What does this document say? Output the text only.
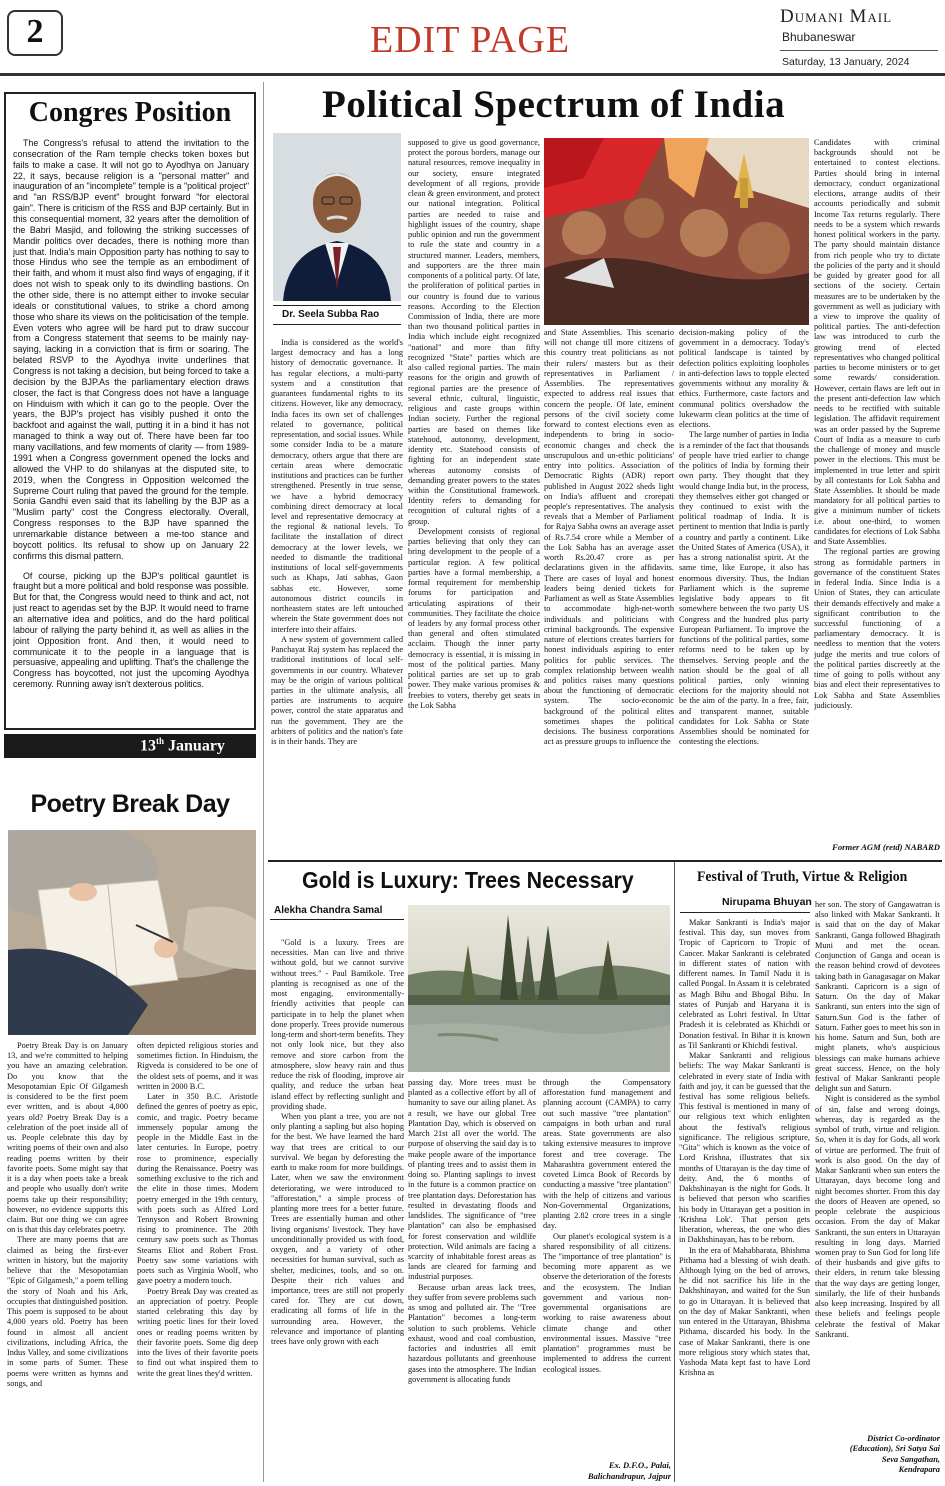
2	EDIT PAGE
Dumani Mail
Bhubaneswar
Saturday, 13 January, 2024
Congres Position

The Congress's refusal to attend the invitation to the consecration of the Ram temple checks token boxes but fails to make a case. It will not go to Ayodhya on January 22, it says, because religion is a "personal matter" and inauguration of an "incomplete" temple is a "political project" and "an RSS/BJP event" brought forward "for electoral gain". There is criticism of the RSS and BJP certainly. But in this consequential moment, 32 years after the demolition of the Babri Masjid, and following the striking successes of Mandir politics over decades, there is nothing more than just that. India's main Opposition party has nothing to say to those Hindus who see the temple as an embodiment of their faith, and whom it must also find ways of engaging, if it does not wish to speak only to its dwindling bastions. On the other side, there is no attempt either to invoke secular ideals or constitutional values, to strike a chord among those who share its views on the politicisation of the temple. Even voters who agree will be hard put to draw succour from a Congress statement that seems to be mainly nay-saying, lacking in a conviction that is firm or soaring. The belated RSVP to the Ayodhya invite underlines that Congress is not taking a decision, but being forced to take a decision by the BJP.As the parliamentary election draws closer, the fact is that Congress does not have a language on Hinduism with which it can go to the people. Over the years, the BJP's project has visibly pushed it onto the backfoot and against the wall, putting it in a bind it has not managed to think a way out of. There have been far too many vacillations, and few moments of clarity — from 1989-1991 when a Congress government opened the locks and allowed the VHP to do shilanyas at the disputed site, to 2019, when the Congress in Opposition welcomed the Supreme Court ruling that paved the ground for the temple. Sonia Gandhi even said that its labelling by the BJP as a "Muslim party" cost the Congress electorally. Overall, Congress responses to the BJP have spanned the unremarkable distance between a me-too stance and boycott politics. Its refusal to show up on January 22 confirms this dismal pattern.

Of course, picking up the BJP's political gauntlet is fraught but a more political and bold response was possible. But for that, the Congress would need to think and act, not just react to agendas set by the BJP. It would need to frame an alternative idea and politics, and do the hard political labour of rallying the party behind it, as well as allies in the joint Opposition front. And then, it would need to communicate it to the people in a language that is persuasive, appealing and uplifting. That's the challenge the Congress has boycotted, not just the upcoming Ayodhya ceremony. Running away isn't dexterous politics.

13th January
Poetry Break Day

Poetry Break Day is on January 13, and we're committed to helping you have an amazing celebration. Do you know that the Mesopotamian Epic Of Gilgamesh is considered to be the first poem ever written, and is about 4,000 years old? Poetry Break Day is a celebration of the poet inside all of us. People celebrate this day by writing poems of their own and also reading poems written by their favorite poets. Some might say that it is a day when poets take a break and people who usually don't write poems take up their responsibility; however, no evidence supports this claim. But one thing we can agree on is that this day celebrates poetry.

There are many poems that are claimed as being the first-ever written in history, but the majority believe that the Mesopotamian "Epic of Gilgamesh," a poem telling the story of Noah and his Ark, occupies that distinguished position. This poem is supposed to be about 4,000 years old. Poetry has been found in almost all ancient civilizations, including Africa, the Indus Valley, and some civilizations in some parts of Sumer. These poems were written as hymns and songs, and

often depicted religious stories and sometimes fiction. In Hinduism, the Rigveda is considered to be one of the oldest sets of poems, and it was written in 2000 B.C.

Later in 350 B.C. Aristotle defined the genres of poetry as epic, comic, and tragic. Poetry became immensely popular among the people in the Middle East in the later centuries. In Europe, poetry rose to prominence, especially during the Renaissance. Poetry was something exclusive to the rich and the elite in those times. Modern poetry emerged in the 19th century, with poets such as Alfred Lord Tennyson and Robert Browning rising to prominence. The 20th century saw poets such as Thomas Stearns Eliot and Robert Frost. Poetry saw some variations with poets such as Virginia Woolf, who gave poetry a modern touch.

Poetry Break Day was created as an appreciation of poetry. People started celebrating this day by writing poetic lines for their loved ones or reading poems written by their favorite poets. Some dig deep into the lives of their favorite poets to find out what inspired them to write the great lines they'd written.

Political Spectrum of India
Dr. Seela Subba Rao

India is considered as the world's largest democracy and has a long history of democratic governance. It has regular elections, a multi-party system and a constitution that guarantees fundamental rights to its citizens. However, like any democracy, India faces its own set of challenges related to governance, political representation, and social issues. While some consider India to be a mature democracy, others argue that there are certain areas where democratic institutions and practices can be further strengthened. Presently in true sense, we have a hybrid democracy combining direct democracy at local level and representative democracy at the regional & national levels. To facilitate the installation of direct democracy at the lower levels, we needed to dismantle the traditional institutions of local self-governments such as Khaps, Jati sabhas, Gaon sabhas etc. However, some autonomous district councils in northeastern states are left untouched wherein the State government does not interfere into their affairs.

A new system of government called Panchayat Raj system has replaced the traditional institutions of local self-governments in our country. Whatever may be the origin of various political parties in the ultimate analysis, all parties are instruments to acquire power, control the state apparatus and run the government. They are the arbiters of politics and the nation's fate is in their hands. They are

supposed to give us good governance, protect the porous borders, manage our natural resources, remove inequality in our society, ensure integrated development of all regions, provide clean & green environment, and protect our national integration. Political parties are needed to raise and highlight issues of the country, shape public opinion and run the government to rule the state and country in a structured manner. Leaders, members, and supporters are the three main components of a political party. Of late, the proliferation of political parties in our country is found due to various reasons. According to the Election Commission of India, there are more than two thousand political parties in India which include eight recognized "national" and more than fifty recognized "State" parties which are also called regional parties. The main reasons for the origin and growth of regional parties are the presence of several ethnic, cultural, linguistic, religious and caste groups within Indian society. Further the regional parties are based on themes like statehood, autonomy, development, identity etc. Statehood consists of fighting for an independent state whereas autonomy consists of demanding greater powers to the states within the Constitutional framework. Identity refers to demanding for recognition of cultural rights of a group.

Development consists of regional parties believing that only they can bring development to the people of a particular region. A few political parties have a formal membership, a formal requirement for membership forums for participation and articulating aspirations of their communities. They facilitate the choice of leaders by any formal process other than general and often stimulated acclaim. Though the inner party democracy is essential, it is missing in most of the political parties. Many political parties are set up to grab power. They make various promises & freebies to voters, thereby get seats in the Lok Sabha

and State Assemblies. This scenario will not change till more citizens of this country treat politicians as not their rulers/ masters but as their representatives in Parliament / Assemblies. The representatives expected to address real issues that concern the people. Of late, eminent persons of the civil society come forward to contest elections even as independents to bring in socio-economic changes and check the unscrupulous and un-ethic politicians' entry into politics. Association of Democratic Rights (ADR) report published in August 2022 sheds light on India's affluent and crorepati people's representatives. The analysis reveals that a Member of Parliament for Rajya Sabha owns an average asset of Rs.7.54 crore while a Member of the Lok Sabha has an average asset worth Rs.20.47 crore as per declarations given in the affidavits. There are cases of loyal and honest leaders being denied tickets for Parliament as well as State Assemblies to accommodate high-net-worth individuals and politicians with criminal backgrounds. The expensive nature of elections creates barriers for honest individuals aspiring to enter politics for public services. The complex relationship between wealth and politics raises many questions about the functioning of democratic system. The socio-economic background of the political elites sometimes shapes the political decisions. The business corporations act as pressure groups to influence the

decision-making policy of the government in a democracy. Today's political landscape is tainted by defection politics exploiting loopholes in anti-defection laws to topple elected governments without any morality & ethics. Furthermore, caste factors and communal politics overshadow the lukewarm clean politics at the time of elections.

The large number of parties in India is a reminder of the fact that thousands of people have tried earlier to change the politics of India by forming their own party. They thought that they would change India but, in the process, they themselves either got changed or they continued to exist with the political roadmap of India. It is pertinent to mention that India is partly a country and partly a continent. Like the United States of America (USA), it has a strong nationalist spirit. At the same time, like Europe, it also has enormous diversity. Thus, the Indian Parliament which is the supreme legislative body appears to fit somewhere between the two party US Congress and the hundred plus party European Parliament. To improve the functions of the political parties, some reforms need to be taken up by themselves. Serving people and the nation should be the goal of all political parties, only winning elections for the majority should not be the aim of the party. In a free, fair, and transparent manner, suitable candidates for Lok Sabha or State Assemblies should be nominated for contesting the elections.

Candidates with criminal backgrounds should not be entertained to contest elections. Parties should bring in internal democracy, conduct organizational elections, arrange audits of their accounts periodically and submit Income Tax returns regularly. There needs to be a system which rewards honest political workers in the party. The party should maintain distance from rich people who try to dictate the policies of the party and it should be guided by greater good for all sections of the society. Certain measures are to be undertaken by the government as well as judiciary with a view to improve the quality of political parties. The anti-defection law was introduced to curb the growing trend of elected representatives who changed political parties to become ministers or to get some rewards/ consideration. However, certain flaws are left out in the present anti-defection law which needs to be rectified with suitable legislation. The affidavit requirement was an order passed by the Supreme Court of India as a measure to curb the challenge of money and muscle power in the elections. This must be implemented in true letter and spirit by all contestants for Lok Sabha and State Assemblies. It should be made mandatory for all political parties to give a minimum number of tickets i.e. about one-third, to women candidates for elections of Lok Sabha and State Assemblies.

The regional parties are growing strong as formidable partners in governance of the constituent States in federal India. Since India is a Union of States, they can articulate their demands effectively and make a significant contribution to the successful functioning of a parliamentary democracy. It is needless to mention that the voters judge the merits and true colors of the political parties discreetly at the time of going to polls without any bias and elect their representatives to Lok Sabha and State Assemblies judiciously.

Former AGM (retd) NABARD
Gold is Luxury: Trees Necessary
Alekha Chandra Samal

"Gold is a luxury. Trees are necessities. Man can live and thrive without gold, but we cannot survive without trees." - Paul Bamikole. Tree planting is recognised as one of the most engaging, environmentally-friendly activities that people can participate in to help the planet when done properly. Trees provide numerous long-term and short-term benefits. They not only look nice, but they also remove and store carbon from the atmosphere, slow heavy rain and thus reduce the risk of flooding, improve air quality, and reduce the urban heat island effect by reflecting sunlight and providing shade.

When you plant a tree, you are not only planting a sapling but also hoping for the best. We have learned the hard way that trees are critical to our survival. We began by deforesting the earth to make room for more buildings. Later, when we saw the environment deteriorating, we were introduced to "afforestation," a simple process of planting more trees for a better future. Trees are essentially human and other living organisms' livestock. They have unconditionally provided us with food, oxygen, and a variety of other necessities for human survival, such as shelter, medicines, tools, and so on. Despite their rich values and importance, trees are still not properly cared for. They are cut down, eradicating all forms of life in the surrounding area. However, the relevance and importance of planting trees have only grown with each

passing day. More trees must be planted as a collective effort by all of humanity to save our ailing planet. As a result, we have our global Tree Plantation Day, which is observed on March 21st all over the world. The purpose of observing the said day is to make people aware of the importance of planting trees and to assist them in doing so. Planting saplings to invest in the future is a common practice on tree plantation days. Deforestation has resulted in devastating floods and landslides. The significance of "tree plantation" can also be emphasised for forest conservation and wildlife protection. Wild animals are facing a scarcity of inhabitable forest areas as lands are cleared for farming and industrial purposes.

Because urban areas lack trees, they suffer from severe problems such as smog and polluted air. The "Tree Plantation" becomes a long-term solution to such problems. Vehicle exhaust, wood and coal combustion, factories and industries all emit hazardous pollutants and greenhouse gases into the atmosphere. The Indian government is allocating funds

through the Compensatory afforestation fund management and planning account (CAMPA) to carry out such massive "tree plantation" campaigns in both urban and rural areas. State governments are also taking extensive measures to improve forest and tree coverage. The Maharashtra government entered the coveted Limca Book of Records by conducting a massive "tree plantation" with the help of citizens and various Non-Governmental Organizations, planting 2.82 crore trees in a single day.

Our planet's ecological system is a shared responsibility of all citizens. The "importance of tree plantation" is becoming more apparent as we observe the deterioration of the forests and the ecosystem. The Indian government and various non-governmental organisations are working to raise awareness about climate change and other environmental issues. Massive "tree plantation" programmes must be implemented to address the current ecological issues.

Ex. D.F.O., Palai,
Balichandrapur, Jajpur
Festival of Truth, Virtue & Religion
Nirupama Bhuyan

Makar Sankranti is India's major festival. This day, sun moves from Tropic of Capricorn to Tropic of Cancer. Makar Sankranti is celebrated in different states of nation with different names. In Tamil Nadu it is called Pongal. In Assam it is celebrated as Magh Bihu and Bhogal Bihu. In states of Punjab and Haryana it is celebrated as Lohri festival. In Uttar Pradesh it is celebrated as Khichdi or Donation festival. In Bihar it is known as Til Sankranti or Khichdi festival.

Makar Sankranti and religious beliefs: The way Makar Sankranti is celebrated in every state of India with faith and joy, it can be guessed that the festival has some religious beliefs. This festival is mentioned in many of our religious text which enlighten about the festival's religious significance. The religious scripture, "Gita" which is known as the voice of Lord Krishna, illustrates that six months of Uttarayan is the day time of deity. And, the 6 months of Dakhshinayan is the night for Gods. It is believed that person who scarifies his body in Uttarayan get a position in 'Krishna Lok'. That person gets liberation, whereas, the one who dies in Dakhshinayan, has to be reborn.

In the era of Mahabharata, Bhishma Pithama had a blessing of wish death. Although lying on the bed of arrows, he did not sacrifice his life in the Dakhshinayan, and waited for the Sun to go in Uttarayan. It is believed that on the day of Makar Sankranti, when sun entered in the Uttarayan, Bhishma Pithama, discarded his body. In the case of Makar Sankranti, there is one more religious story which states that, Yashoda Mata kept fast to have Lord Krishna as

her son. The story of Gangawatran is also linked with Makar Sankranti. It is said that on the day of Makar Sankranti, Ganga followed Bhagirath Muni and met the ocean. Conjunction of Ganga and ocean is the reason behind crowd of devotees taking bath in Ganagasagar on Makar Sankranti. Capricorn is a sign of Saturn. On the day of Makar Sankranti, sun enters into the sign of Saturn.Sun God is the father of Saturn. Father goes to meet his son in his home. Saturn and Sun, both are might planets, who's auspicious blessings can make humans achieve great success. Hence, on the holy festival of Makar Sankranti people delight sun and Saturn.

Night is considered as the symbol of sin, false and wrong doings, whereas, day is regarded as the symbol of truth, virtue and religion. So, when it is day for Gods, all work of virtue are performed. The fruit of work is also good. On the day of Makar Sankranti when sun enters the Uttarayan, days become long and night becomes shorter. From this day the doors of Heaven are opened, so people celebrate the auspicious occasion. From the day of Makar Sankranti, the sun enters in Uttarayan resulting in long days. Married women pray to Sun God for long life of their husbands and give gifts to their elders, in return take blessing that the way days are getting longer, similarly, the life of their husbands also keep increasing. Inspired by all these beliefs and feelings people celebrate the festival of Makar Sankranti.

District Co-ordinator
(Education), Sri Satya Sai
Seva Sangathan,
Kendrapara
